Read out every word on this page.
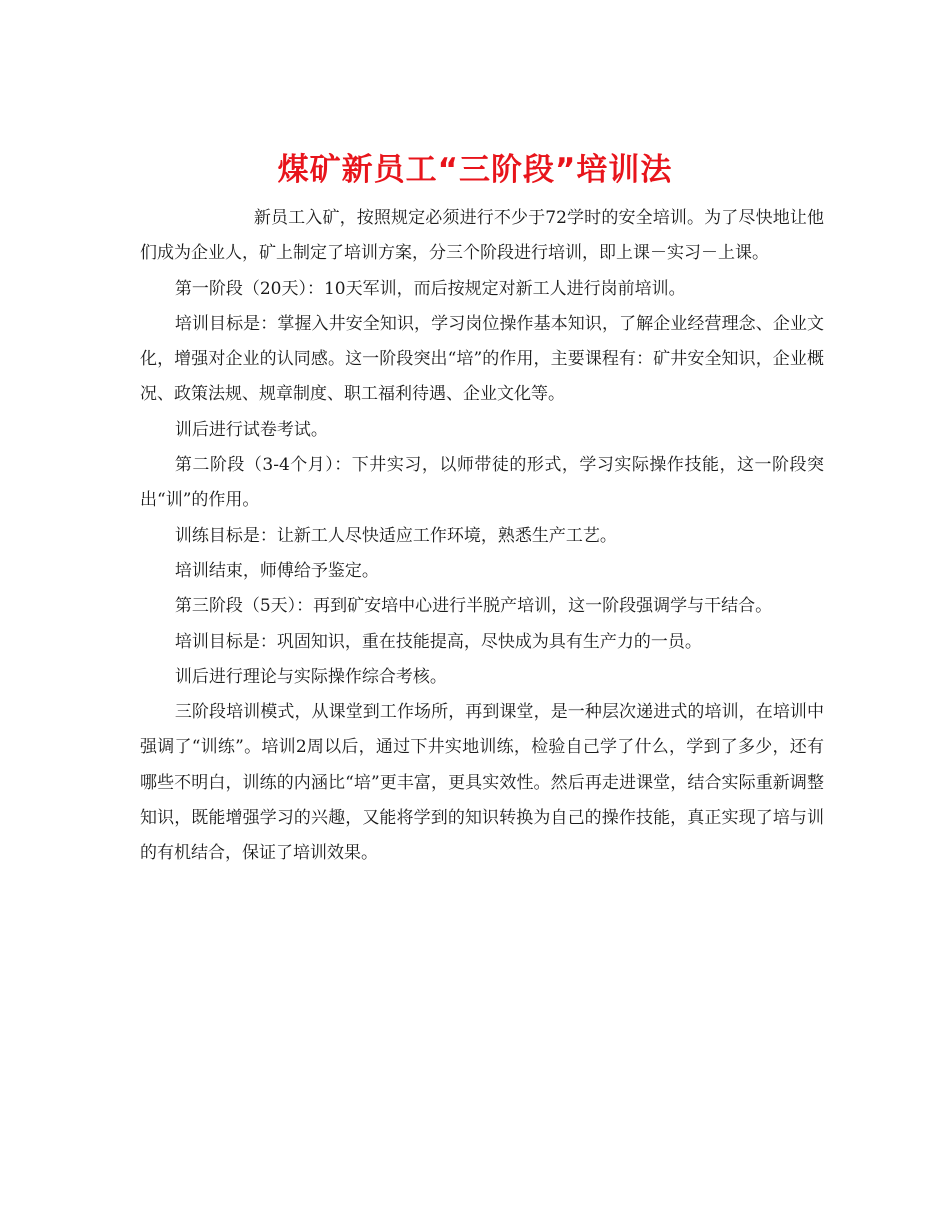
煤矿新员工“三阶段”培训法

新员工入矿，按照规定必须进行不少于72学时的安全培训。为了尽快地让他们成为企业人，矿上制定了培训方案，分三个阶段进行培训，即上课－实习－上课。

第一阶段（20天）：10天军训，而后按规定对新工人进行岗前培训。

培训目标是：掌握入井安全知识，学习岗位操作基本知识，了解企业经营理念、企业文化，增强对企业的认同感。这一阶段突出“培”的作用，主要课程有：矿井安全知识，企业概况、政策法规、规章制度、职工福利待遇、企业文化等。

训后进行试卷考试。

第二阶段（3-4个月）：下井实习，以师带徒的形式，学习实际操作技能，这一阶段突出“训”的作用。

训练目标是：让新工人尽快适应工作环境，熟悉生产工艺。

培训结束，师傅给予鉴定。

第三阶段（5天）：再到矿安培中心进行半脱产培训，这一阶段强调学与干结合。

培训目标是：巩固知识，重在技能提高，尽快成为具有生产力的一员。

训后进行理论与实际操作综合考核。

三阶段培训模式，从课堂到工作场所，再到课堂，是一种层次递进式的培训，在培训中强调了“训练”。培训2周以后，通过下井实地训练，检验自己学了什么，学到了多少，还有哪些不明白，训练的内涵比“培”更丰富，更具实效性。然后再走进课堂，结合实际重新调整知识，既能增强学习的兴趣，又能将学到的知识转换为自己的操作技能，真正实现了培与训的有机结合，保证了培训效果。
